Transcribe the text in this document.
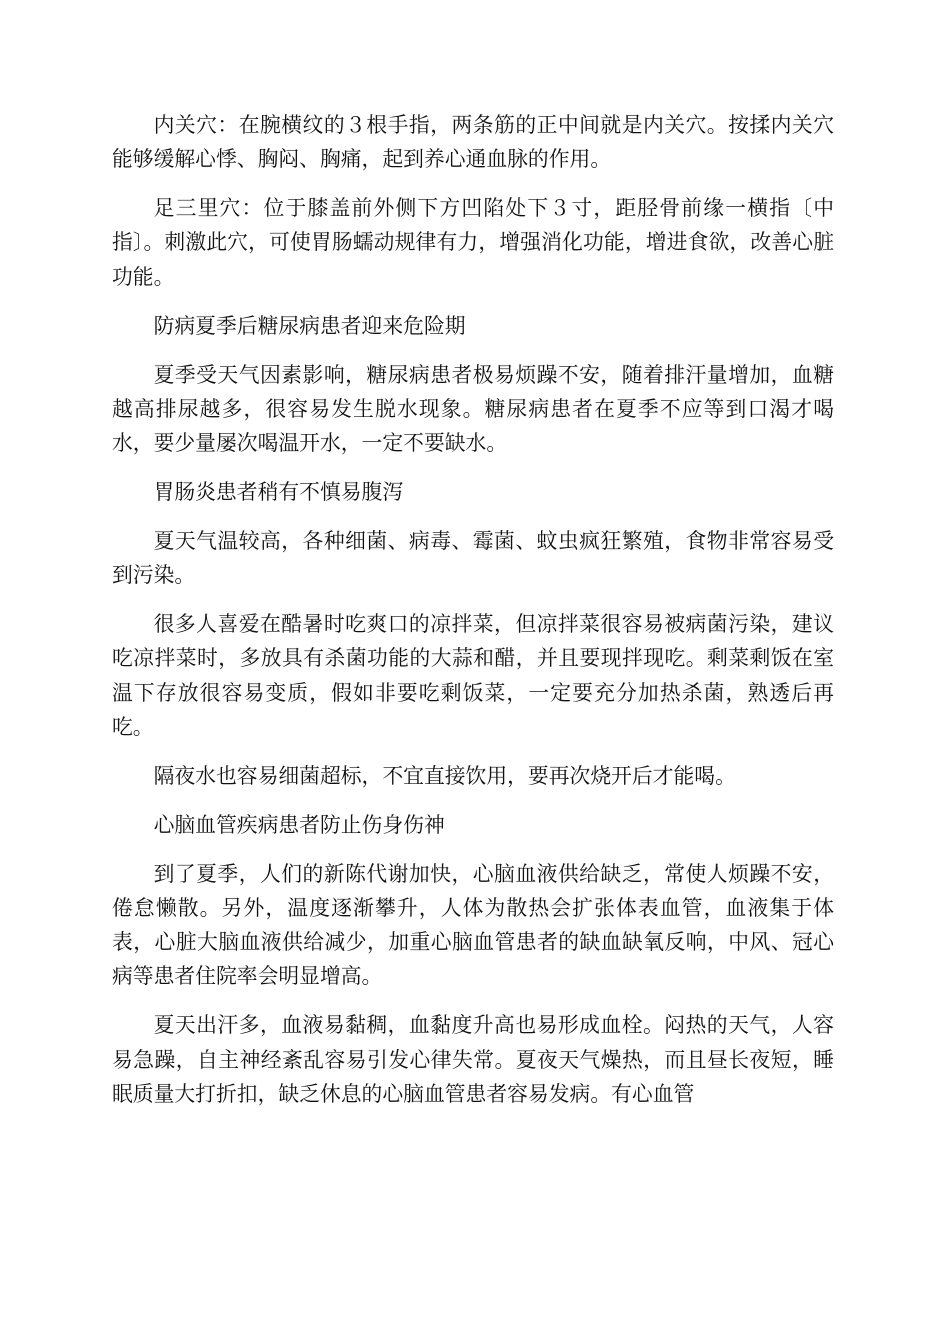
内关穴：在腕横纹的３根手指，两条筋的正中间就是内关穴。按揉内关穴能够缓解心悸、胸闷、胸痛，起到养心通血脉的作用。

足三里穴：位于膝盖前外侧下方凹陷处下３寸，距胫骨前缘一横指〔中指〕。刺激此穴，可使胃肠蠕动规律有力，增强消化功能，增进食欲，改善心脏功能。

防病夏季后糖尿病患者迎来危险期

夏季受天气因素影响，糖尿病患者极易烦躁不安，随着排汗量增加，血糖越高排尿越多，很容易发生脱水现象。糖尿病患者在夏季不应等到口渴才喝水，要少量屡次喝温开水，一定不要缺水。

胃肠炎患者稍有不慎易腹泻

夏天气温较高，各种细菌、病毒、霉菌、蚊虫疯狂繁殖，食物非常容易受到污染。

很多人喜爱在酷暑时吃爽口的凉拌菜，但凉拌菜很容易被病菌污染，建议吃凉拌菜时，多放具有杀菌功能的大蒜和醋，并且要现拌现吃。剩菜剩饭在室温下存放很容易变质，假如非要吃剩饭菜，一定要充分加热杀菌，熟透后再吃。

隔夜水也容易细菌超标，不宜直接饮用，要再次烧开后才能喝。

心脑血管疾病患者防止伤身伤神

到了夏季，人们的新陈代谢加快，心脑血液供给缺乏，常使人烦躁不安，倦怠懒散。另外，温度逐渐攀升，人体为散热会扩张体表血管，血液集于体表，心脏大脑血液供给减少，加重心脑血管患者的缺血缺氧反响，中风、冠心病等患者住院率会明显增高。

夏天出汗多，血液易黏稠，血黏度升高也易形成血栓。闷热的天气，人容易急躁，自主神经紊乱容易引发心律失常。夏夜天气燥热，而且昼长夜短，睡眠质量大打折扣，缺乏休息的心脑血管患者容易发病。有心血管
